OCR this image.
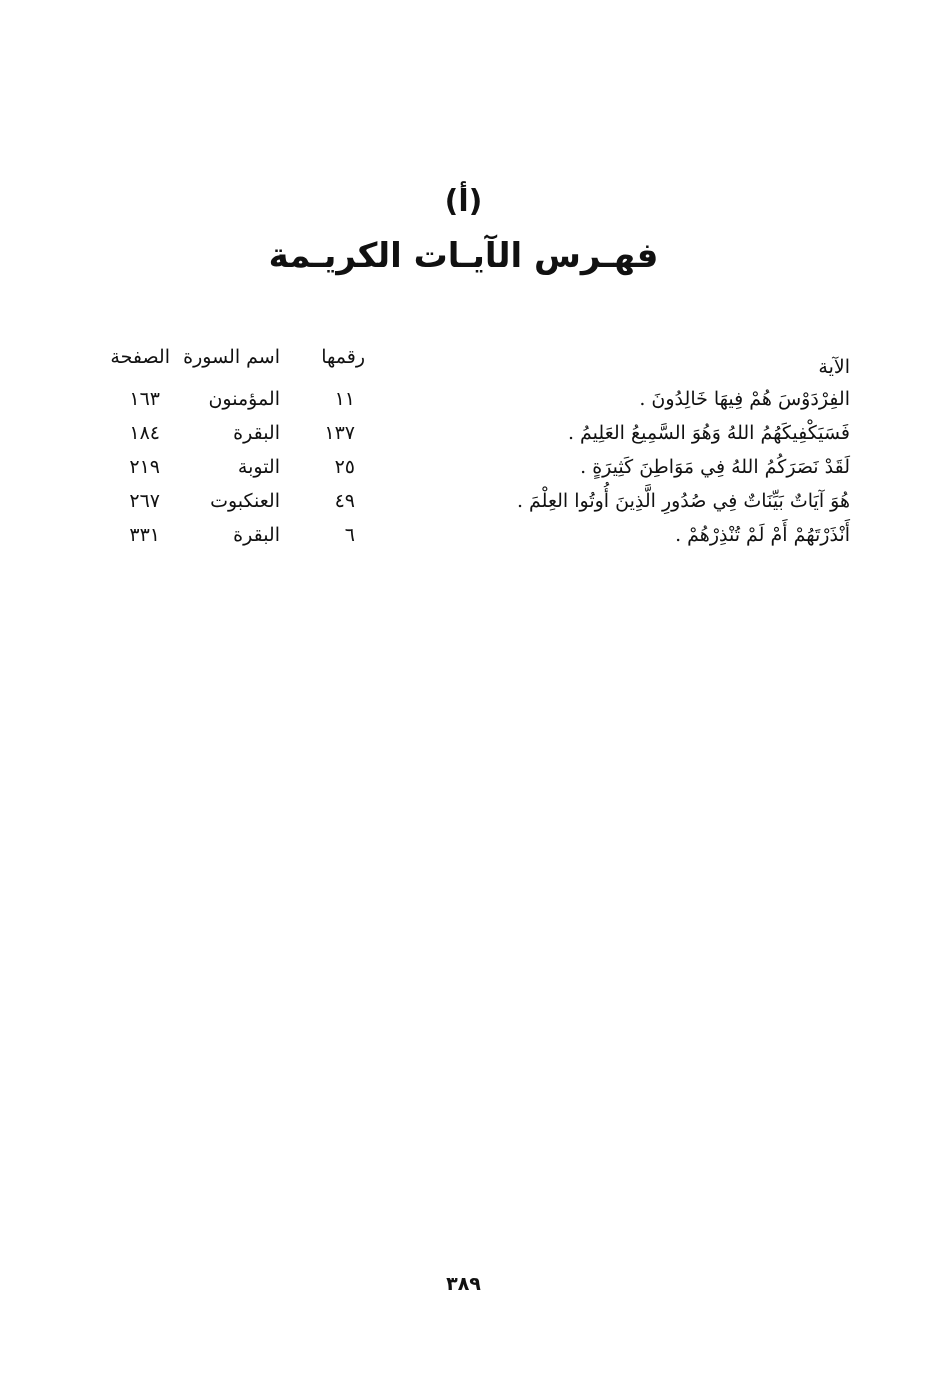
(أ)
فهـرس الآيـات الكريـمة
الآية
رقمها
اسم السورة
الصفحة
الفِرْدَوْسَ هُمْ فِيهَا خَالِدُونَ .
١١
المؤمنون
١٦٣
فَسَيَكْفِيكَهُمُ اللهُ وَهُوَ السَّمِيعُ العَلِيمُ .
١٣٧
البقرة
١٨٤
لَقَدْ نَصَرَكُمُ اللهُ فِي مَوَاطِنَ كَثِيرَةٍ .
٢٥
التوبة
٢١٩
هُوَ آيَاتٌ بَيِّنَاتٌ فِي صُدُورِ الَّذِينَ أُوتُوا العِلْمَ .
٤٩
العنكبوت
٢٦٧
أَنْذَرْتَهُمْ أَمْ لَمْ تُنْذِرْهُمْ .
٦
البقرة
٣٣١
٣٨٩
